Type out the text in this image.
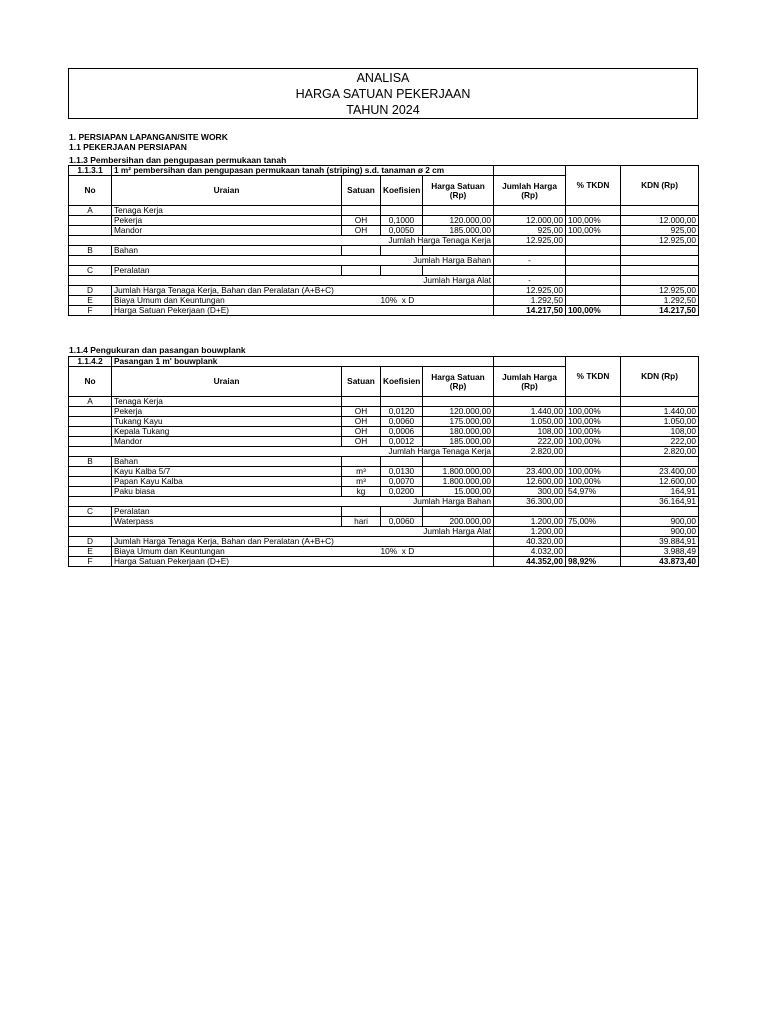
ANALISA
HARGA SATUAN PEKERJAAN
TAHUN 2024
1. PERSIAPAN LAPANGAN/SITE WORK
1.1 PEKERJAAN PERSIAPAN
1.1.3 Pembersihan dan pengupasan permukaan tanah
1.1.3.1	1 m² pembersihan dan pengupasan permukaan tanah (striping) s.d. tanaman ø 2 cm					% TKDN	KDN (Rp)
No	Uraian	Satuan	Koefisien	Harga Satuan (Rp)	Jumlah Harga (Rp)		
A	Tenaga Kerja						
	Pekerja	OH	0,1000	120.000,00	12.000,00	100,00%	12.000,00
	Mandor	OH	0,0050	185.000,00	925,00	100,00%	925,00
Jumlah Harga Tenaga Kerja					12.925,00		12.925,00
B	Bahan						
Jumlah Harga Bahan					-		
C	Peralatan						
Jumlah Harga Alat					-		
D	Jumlah Harga Tenaga Kerja, Bahan dan Peralatan (A+B+C)				12.925,00		12.925,00
E	Biaya Umum dan Keuntungan		10% x D		1.292,50		1.292,50
F	Harga Satuan Pekerjaan (D+E)				14.217,50	100,00%	14.217,50
1.1.4 Pengukuran dan pasangan bouwplank
1.1.4.2	Pasangan 1 m' bouwplank					% TKDN	KDN (Rp)
No	Uraian	Satuan	Koefisien	Harga Satuan (Rp)	Jumlah Harga (Rp)		
A	Tenaga Kerja						
	Pekerja	OH	0,0120	120.000,00	1.440,00	100,00%	1.440,00
	Tukang Kayu	OH	0,0060	175.000,00	1.050,00	100,00%	1.050,00
	Kepala Tukang	OH	0,0006	180.000,00	108,00	100,00%	108,00
	Mandor	OH	0,0012	185.000,00	222,00	100,00%	222,00
Jumlah Harga Tenaga Kerja					2.820,00		2.820,00
B	Bahan						
	Kayu Kalba 5/7	m³	0,0130	1.800.000,00	23.400,00	100,00%	23.400,00
	Papan Kayu Kalba	m³	0,0070	1.800.000,00	12.600,00	100,00%	12.600,00
	Paku biasa	kg	0,0200	15.000,00	300,00	54,97%	164,91
Jumlah Harga Bahan					36.300,00		36.164,91
C	Peralatan						
	Waterpass	hari	0,0060	200.000,00	1.200,00	75,00%	900,00
Jumlah Harga Alat					1.200,00		900,00
D	Jumlah Harga Tenaga Kerja, Bahan dan Peralatan (A+B+C)				40.320,00		39.884,91
E	Biaya Umum dan Keuntungan		10% x D		4.032,00		3.988,49
F	Harga Satuan Pekerjaan (D+E)				44.352,00	98,92%	43.873,40
